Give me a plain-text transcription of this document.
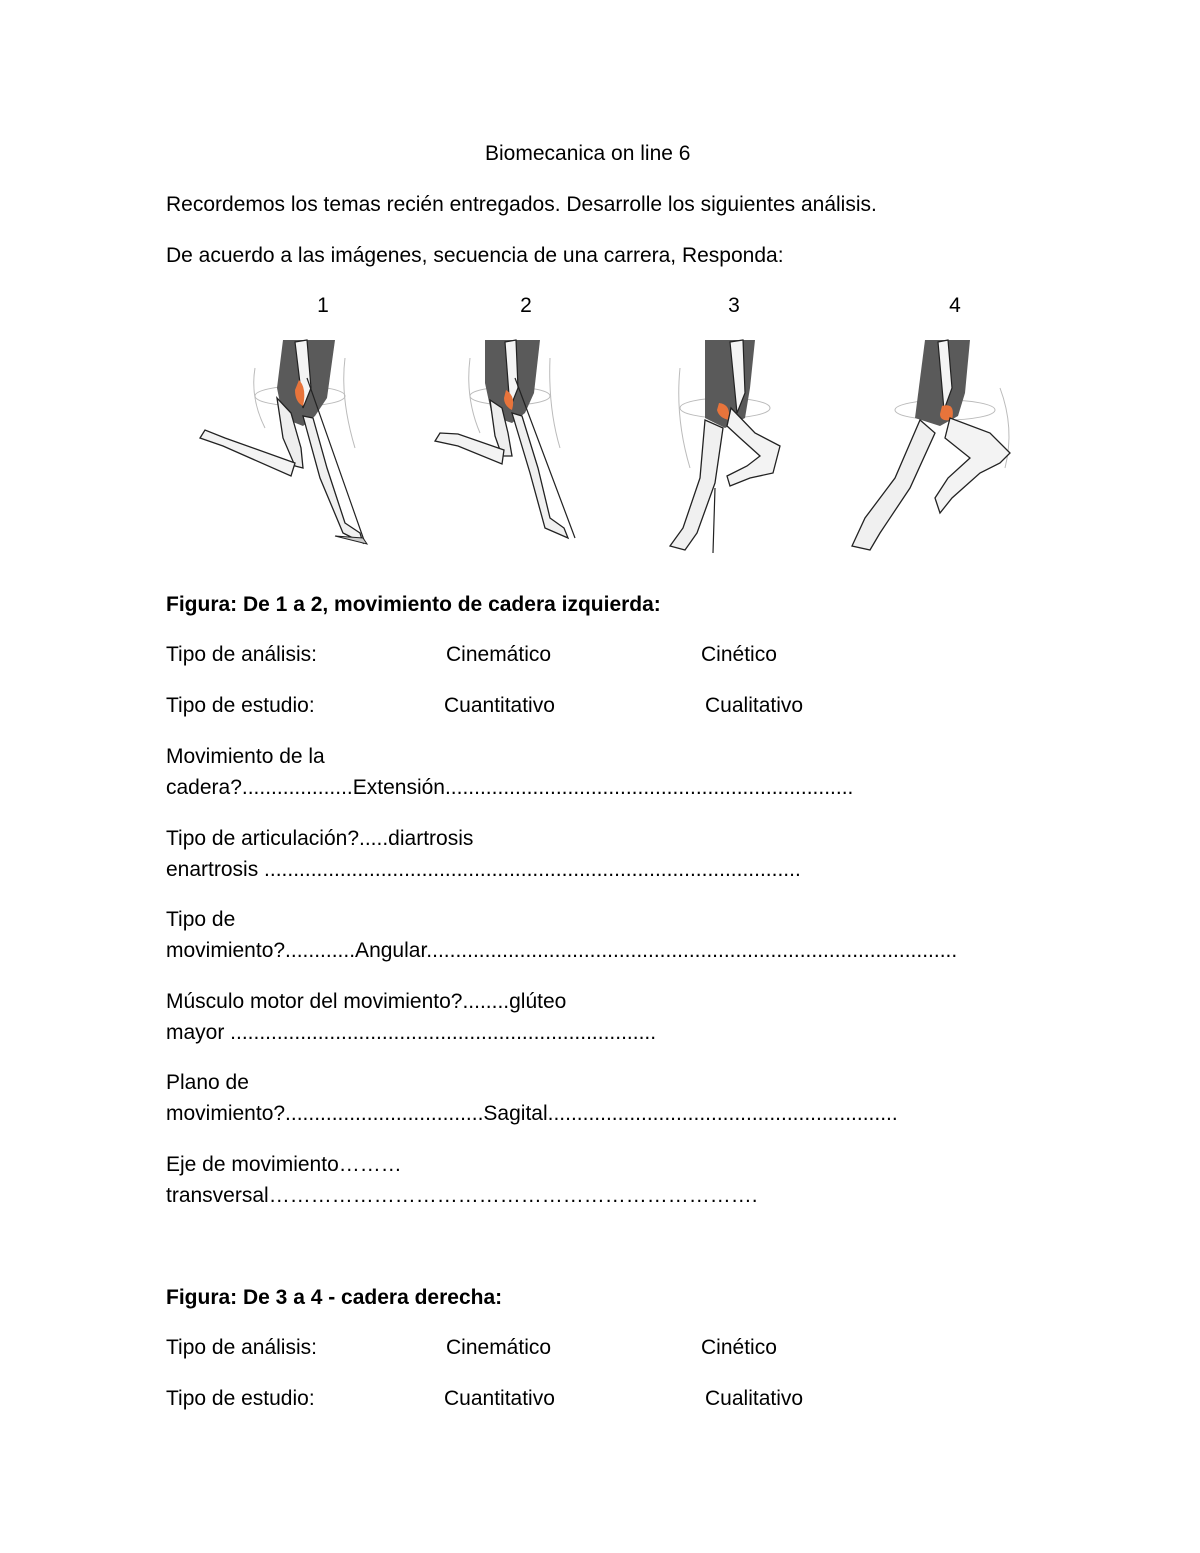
Biomecanica on line 6
Recordemos los temas recién entregados. Desarrolle los siguientes análisis.
De acuerdo a las imágenes, secuencia de una carrera, Responda:
1	2	3	4
Figura: De 1 a 2, movimiento de cadera izquierda:
Tipo de análisis:	Cinemático	Cinético
Tipo de estudio:	Cuantitativo	Cualitativo
Movimiento de la
cadera?...................Extensión......................................................................
Tipo de articulación?.....diartrosis
enartrosis ............................................................................................
Tipo de
movimiento?............Angular...........................................................................................
Músculo motor del movimiento?........glúteo
mayor .........................................................................
Plano de
movimiento?..................................Sagital............................................................
Eje de movimiento………
transversal…………………………………………………………….
Figura: De 3 a 4 - cadera derecha:
Tipo de análisis:	Cinemático	Cinético
Tipo de estudio:	Cuantitativo	Cualitativo
